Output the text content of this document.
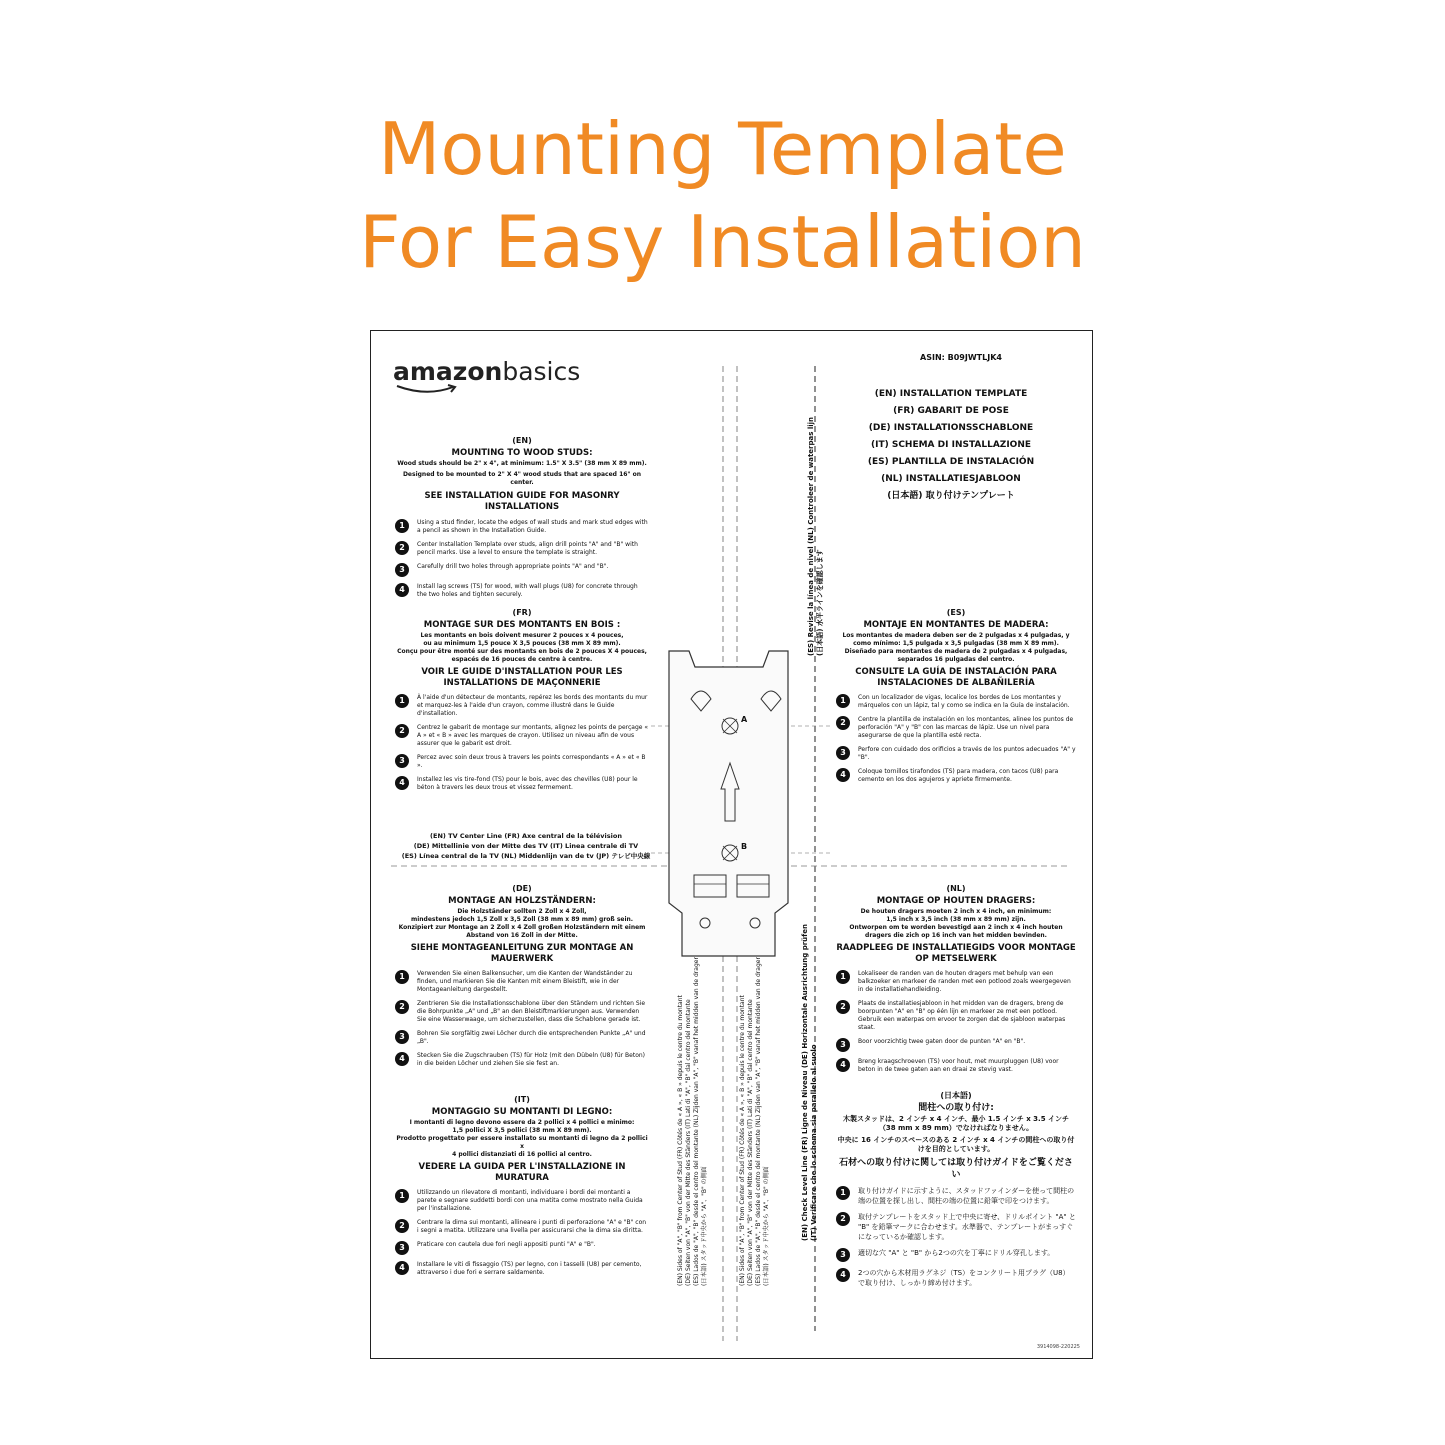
Mounting Template
For Easy Installation
amazonbasics	ASIN: B09JWTLJK4
(EN) INSTALLATION TEMPLATE
(FR) GABARIT DE POSE
(DE) INSTALLATIONSSCHABLONE
(IT) SCHEMA DI INSTALLAZIONE
(ES) PLANTILLA DE INSTALACIÓN
(NL) INSTALLATIESJABLOON
(日本語) 取り付けテンプレート
(EN)
MOUNTING TO WOOD STUDS:
Wood studs should be 2" x 4", at minimum: 1.5" X 3.5" (38 mm X 89 mm).
Designed to be mounted to 2" X 4" wood studs that are spaced 16" on center.
SEE INSTALLATION GUIDE FOR MASONRY INSTALLATIONS
1	Using a stud finder, locate the edges of wall studs and mark stud edges with a pencil as shown in the Installation Guide.
2	Center Installation Template over studs, align drill points "A" and "B" with pencil marks. Use a level to ensure the template is straight.
3	Carefully drill two holes through appropriate points "A" and "B".
4	Install lag screws (TS) for wood, with wall plugs (U8) for concrete through the two holes and tighten securely.
(FR)
MONTAGE SUR DES MONTANTS EN BOIS :
Les montants en bois doivent mesurer 2 pouces x 4 pouces,
ou au minimum 1,5 pouce X 3,5 pouces (38 mm X 89 mm).
Conçu pour être monté sur des montants en bois de 2 pouces X 4 pouces,
espacés de 16 pouces de centre à centre.
VOIR LE GUIDE D'INSTALLATION POUR LES INSTALLATIONS DE MAÇONNERIE
1	À l'aide d'un détecteur de montants, repérez les bords des montants du mur et marquez-les à l'aide d'un crayon, comme illustré dans le Guide d'installation.
2	Centrez le gabarit de montage sur montants, alignez les points de perçage « A » et « B » avec les marques de crayon. Utilisez un niveau afin de vous assurer que le gabarit est droit.
3	Percez avec soin deux trous à travers les points correspondants « A » et « B ».
4	Installez les vis tire-fond (TS) pour le bois, avec des chevilles (U8) pour le béton à travers les deux trous et vissez fermement.
(ES)
MONTAJE EN MONTANTES DE MADERA:
Los montantes de madera deben ser de 2 pulgadas x 4 pulgadas, y
como mínimo: 1,5 pulgada x 3,5 pulgadas (38 mm X 89 mm).
Diseñado para montantes de madera de 2 pulgadas x 4 pulgadas,
separados 16 pulgadas del centro.
CONSULTE LA GUÍA DE INSTALACIÓN PARA INSTALACIONES DE ALBAÑILERÍA
1	Con un localizador de vigas, localice los bordes de Los montantes y márquelos con un lápiz, tal y como se indica en la Guía de instalación.
2	Centre la plantilla de instalación en los montantes, alinee los puntos de perforación "A" y "B" con las marcas de lápiz. Use un nivel para asegurarse de que la plantilla esté recta.
3	Perfore con cuidado dos orificios a través de los puntos adecuados "A" y "B".
4	Coloque tornillos tirafondos (TS) para madera, con tacos (U8) para cemento en los dos agujeros y apriete firmemente.
A
B
(EN) TV Center Line (FR) Axe central de la télévision
(DE) Mittellinie von der Mitte des TV (IT) Linea centrale di TV
(ES) Línea central de la TV (NL) Middenlijn van de tv (JP) テレビ中央線
(ES) Revise la línea de nivel (NL) Controleer de waterpas lijn (日本語) 水平ラインを確認します
(EN) Check Level Line (FR) Ligne de Niveau (DE) Horizontale Ausrichtung prüfen (IT) Verificare che lo schema sia parallelo al suolo
(EN) Sides of "A", "B" from Center of Stud (FR) Côtés de « A », « B » depuis le centre du montant (DE) Seiten von "A", "B" von der Mitte des Ständers (IT) Lati di "A", "B" dal centro del montante (ES) Lados de "A", "B" desde el centro del montante (NL) Zijden van "A", "B" vanaf het midden van de drager (日本語) スタッド中央から "A"、"B" の側面	(EN) Sides of "A", "B" from Center of Stud (FR) Côtés de « A », « B » depuis le centre du montant (DE) Seiten von "A", "B" von der Mitte des Ständers (IT) Lati di "A", "B" dal centro del montante (ES) Lados de "A", "B" desde el centro del montante (NL) Zijden van "A", "B" vanaf het midden van de drager (日本語) スタッド中央から "A"、"B" の側面
(DE)
MONTAGE AN HOLZSTÄNDERN:
Die Holzständer sollten 2 Zoll x 4 Zoll,
mindestens jedoch 1,5 Zoll x 3,5 Zoll (38 mm x 89 mm) groß sein.
Konzipiert zur Montage an 2 Zoll x 4 Zoll großen Holzständern mit einem
Abstand von 16 Zoll in der Mitte.
SIEHE MONTAGEANLEITUNG ZUR MONTAGE AN MAUERWERK
1	Verwenden Sie einen Balkensucher, um die Kanten der Wandständer zu finden, und markieren Sie die Kanten mit einem Bleistift, wie in der Montageanleitung dargestellt.
2	Zentrieren Sie die Installationsschablone über den Ständern und richten Sie die Bohrpunkte „A" und „B" an den Bleistiftmarkierungen aus. Verwenden Sie eine Wasserwaage, um sicherzustellen, dass die Schablone gerade ist.
3	Bohren Sie sorgfältig zwei Löcher durch die entsprechenden Punkte „A" und „B".
4	Stecken Sie die Zugschrauben (TS) für Holz (mit den Dübeln (U8) für Beton) in die beiden Löcher und ziehen Sie sie fest an.
(IT)
MONTAGGIO SU MONTANTI DI LEGNO:
I montanti di legno devono essere da 2 pollici x 4 pollici e minimo:
1,5 pollici X 3,5 pollici (38 mm X 89 mm).
Prodotto progettato per essere installato su montanti di legno da 2 pollici x
4 pollici distanziati di 16 pollici al centro.
VEDERE LA GUIDA PER L'INSTALLAZIONE IN MURATURA
1	Utilizzando un rilevatore di montanti, individuare i bordi dei montanti a parete e segnare suddetti bordi con una matita come mostrato nella Guida per l'installazione.
2	Centrare la dima sui montanti, allineare i punti di perforazione "A" e "B" con i segni a matita. Utilizzare una livella per assicurarsi che la dima sia diritta.
3	Praticare con cautela due fori negli appositi punti "A" e "B".
4	Installare le viti di fissaggio (TS) per legno, con i tasselli (U8) per cemento, attraverso i due fori e serrare saldamente.
(NL)
MONTAGE OP HOUTEN DRAGERS:
De houten dragers moeten 2 inch x 4 inch, en minimum:
1,5 inch x 3,5 inch (38 mm x 89 mm) zijn.
Ontworpen om te worden bevestigd aan 2 inch x 4 inch houten
dragers die zich op 16 inch van het midden bevinden.
RAADPLEEG DE INSTALLATIEGIDS VOOR MONTAGE OP METSELWERK
1	Lokaliseer de randen van de houten dragers met behulp van een balkzoeker en markeer de randen met een potlood zoals weergegeven in de installatiehandleiding.
2	Plaats de installatiesjabloon in het midden van de dragers, breng de boorpunten "A" en "B" op één lijn en markeer ze met een potlood. Gebruik een waterpas om ervoor te zorgen dat de sjabloon waterpas staat.
3	Boor voorzichtig twee gaten door de punten "A" en "B".
4	Breng kraagschroeven (TS) voor hout, met muurpluggen (U8) voor beton in de twee gaten aan en draai ze stevig vast.
(日本語)
間柱への取り付け:
木製スタッドは、2 インチ x 4 インチ、最小 1.5 インチ x 3.5 インチ（38 mm x 89 mm）でなければなりません。
中央に 16 インチのスペースのある 2 インチ x 4 インチの間柱への取り付けを目的としています。
石材への取り付けに関しては取り付けガイドをご覧ください
1	取り付けガイドに示すように、スタッドファインダーを使って間柱の端の位置を探し出し、間柱の端の位置に鉛筆で印をつけます。
2	取付テンプレートをスタッド上で中央に寄せ、ドリルポイント "A" と "B" を鉛筆マークに合わせます。水準器で、テンプレートがまっすぐになっているか確認します。
3	適切な穴 "A" と "B" から2つの穴を丁寧にドリル穿孔します。
4	2つの穴から木材用ラグネジ（TS）をコンクリート用プラグ（U8）で取り付け、しっかり締め付けます。
3914098-220225
